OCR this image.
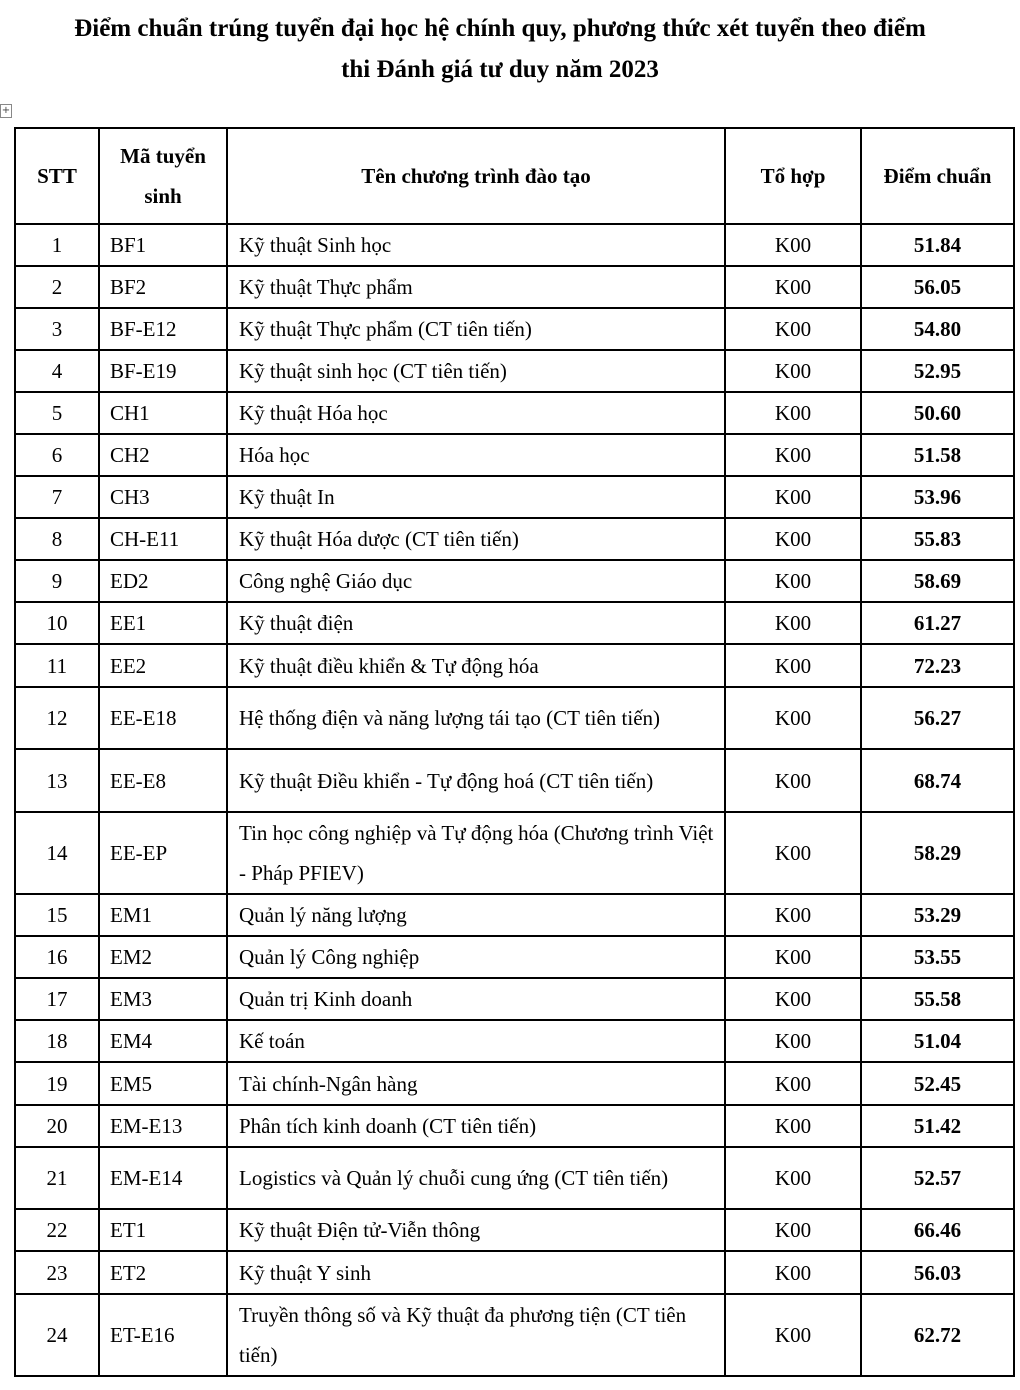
Điểm chuẩn trúng tuyển đại học hệ chính quy, phương thức xét tuyển theo điểm
thi Đánh giá tư duy năm 2023
+
STT	Mã tuyển sinh	Tên chương trình đào tạo	Tổ hợp	Điểm chuẩn
1	BF1	Kỹ thuật Sinh học	K00	51.84
2	BF2	Kỹ thuật Thực phẩm	K00	56.05
3	BF-E12	Kỹ thuật Thực phẩm (CT tiên tiến)	K00	54.80
4	BF-E19	Kỹ thuật sinh học (CT tiên tiến)	K00	52.95
5	CH1	Kỹ thuật Hóa học	K00	50.60
6	CH2	Hóa học	K00	51.58
7	CH3	Kỹ thuật In	K00	53.96
8	CH-E11	Kỹ thuật Hóa dược (CT tiên tiến)	K00	55.83
9	ED2	Công nghệ Giáo dục	K00	58.69
10	EE1	Kỹ thuật điện	K00	61.27
11	EE2	Kỹ thuật điều khiển & Tự động hóa	K00	72.23
12	EE-E18	Hệ thống điện và năng lượng tái tạo (CT tiên tiến)	K00	56.27
13	EE-E8	Kỹ thuật Điều khiển - Tự động hoá (CT tiên tiến)	K00	68.74
14	EE-EP	Tin học công nghiệp và Tự động hóa (Chương trình Việt - Pháp PFIEV)	K00	58.29
15	EM1	Quản lý năng lượng	K00	53.29
16	EM2	Quản lý Công nghiệp	K00	53.55
17	EM3	Quản trị Kinh doanh	K00	55.58
18	EM4	Kế toán	K00	51.04
19	EM5	Tài chính-Ngân hàng	K00	52.45
20	EM-E13	Phân tích kinh doanh (CT tiên tiến)	K00	51.42
21	EM-E14	Logistics và Quản lý chuỗi cung ứng (CT tiên tiến)	K00	52.57
22	ET1	Kỹ thuật Điện tử-Viễn thông	K00	66.46
23	ET2	Kỹ thuật Y sinh	K00	56.03
24	ET-E16	Truyền thông số và Kỹ thuật đa phương tiện (CT tiên tiến)	K00	62.72
